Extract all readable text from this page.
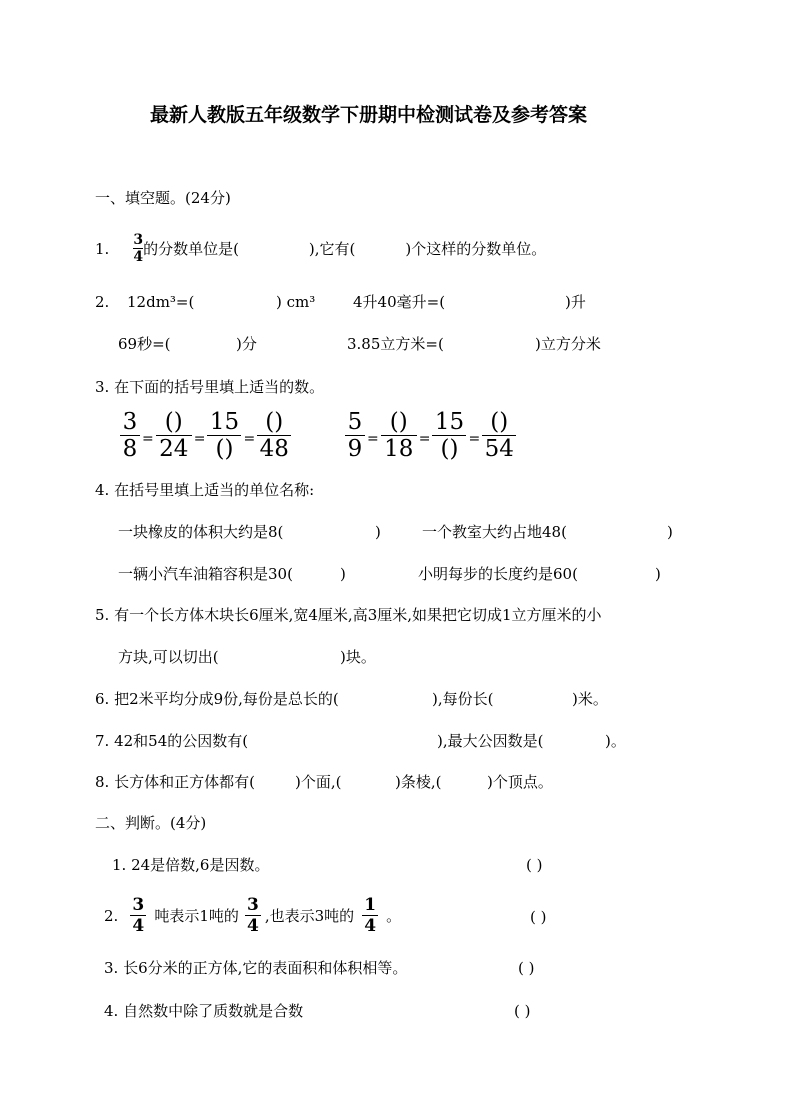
最新人教版五年级数学下册期中检测试卷及参考答案
一、填空题。(24分)
1. $\frac{3}{4}$ 的分数单位是(	),它有(	)个这样的分数单位。
2. 12dm³=(	) cm³	4升40毫升=(	)升
69秒=(	)分	3.85立方米=(	)立方分米
3. 在下面的括号里填上适当的数。
$\frac{3}{8} = \frac{()}{24} = \frac{15}{()} = \frac{()}{48} \frac{5}{9} = \frac{()}{18} = \frac{15}{()} = \frac{()}{54}$
4. 在括号里填上适当的单位名称:
一块橡皮的体积大约是8(	)	一个教室大约占地48(	)
一辆小汽车油箱容积是30(	)	小明每步的长度约是60(	)
5. 有一个长方体木块长6厘米,宽4厘米,高3厘米,如果把它切成1立方厘米的小
方块,可以切出(	)块。
6. 把2米平均分成9份,每份是总长的(	),每份长(	)米。
7. 42和54的公因数有(	),最大公因数是(	)。
8. 长方体和正方体都有(	)个面,(	)条棱,(	)个顶点。
二、判断。(4分)
1. 24是倍数,6是因数。	( )
2. $\frac{3}{4}$ 吨表示1吨的 $\frac{3}{4}$ ,也表示3吨的 $\frac{1}{4}$ 。	( )
3. 长6分米的正方体,它的表面积和体积相等。	( )
4. 自然数中除了质数就是合数	( )
